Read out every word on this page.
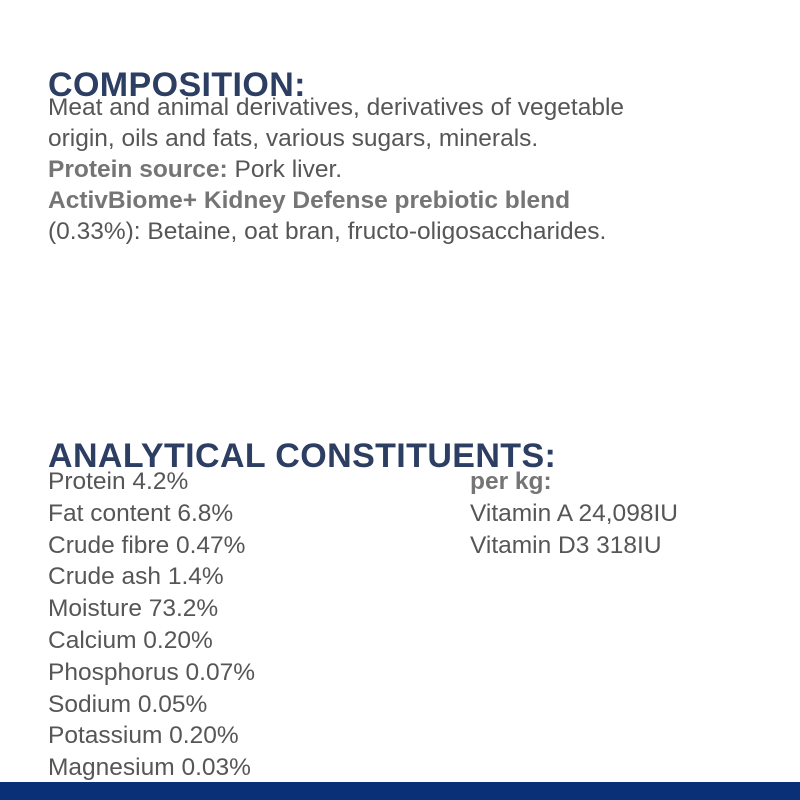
COMPOSITION:
Meat and animal derivatives, derivatives of vegetable
origin, oils and fats, various sugars, minerals.
Protein source: Pork liver.
ActivBiome+ Kidney Defense prebiotic blend
(0.33%): Betaine, oat bran, fructo-oligosaccharides.
ANALYTICAL CONSTITUENTS:
Protein 4.2%
Fat content 6.8%
Crude fibre 0.47%
Crude ash 1.4%
Moisture 73.2%
Calcium 0.20%
Phosphorus 0.07%
Sodium 0.05%
Potassium 0.20%
Magnesium 0.03%
per kg:
Vitamin A 24,098IU
Vitamin D3 318IU
